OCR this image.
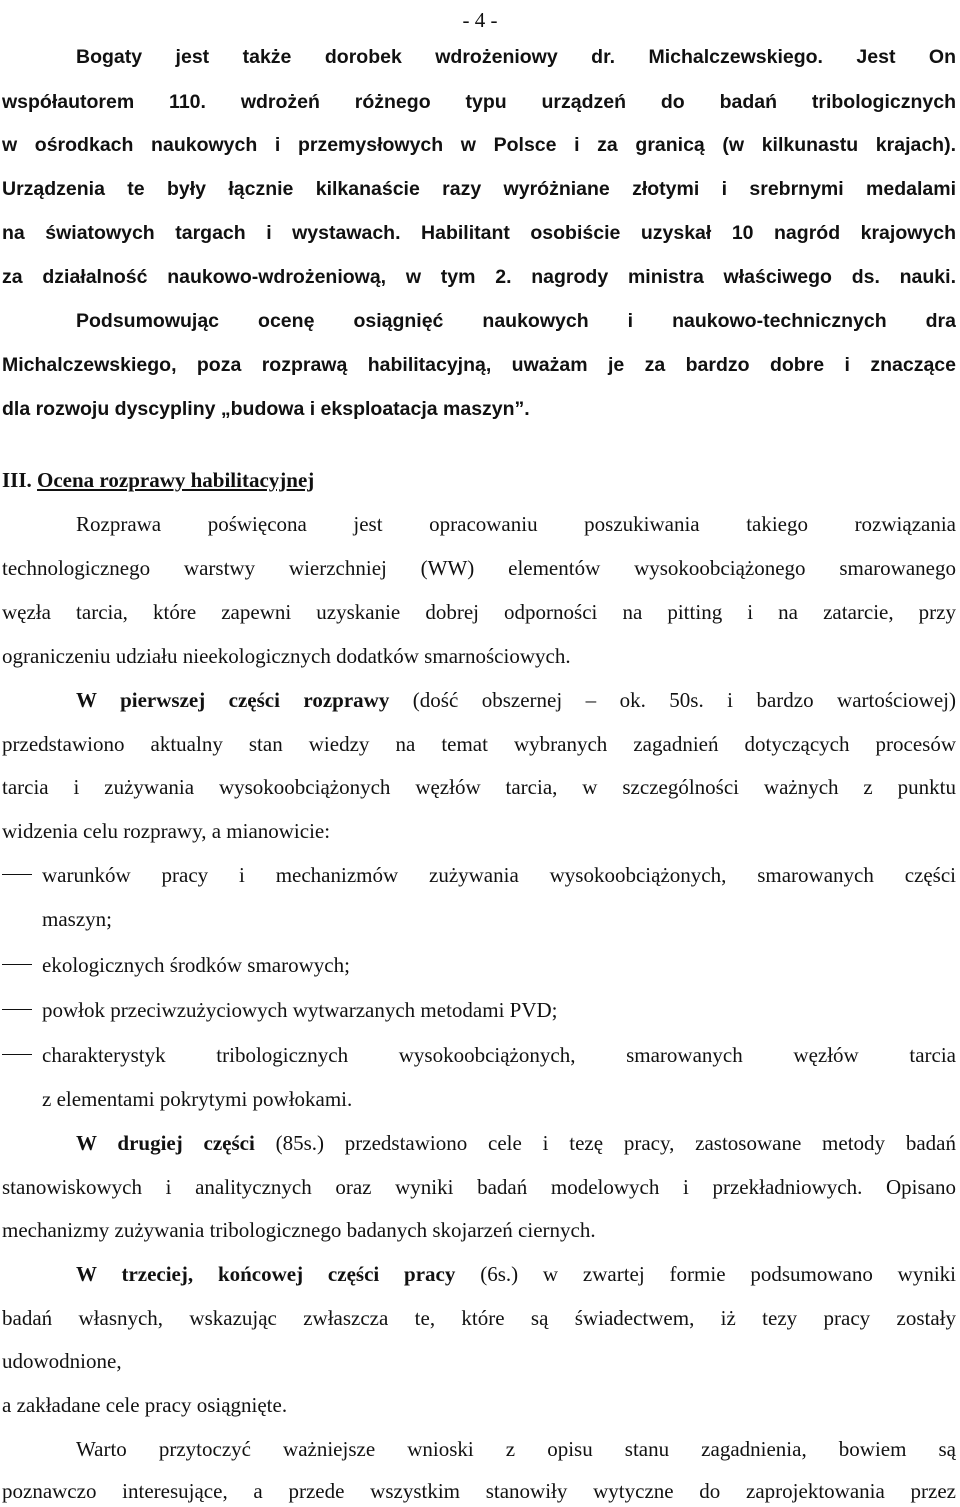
- 4 -
Bogaty jest także dorobek wdrożeniowy dr. Michalczewskiego. Jest On
współautorem 110. wdrożeń różnego typu urządzeń do badań tribologicznych
w ośrodkach naukowych i przemysłowych w Polsce i za granicą (w kilkunastu krajach).
Urządzenia te były łącznie kilkanaście razy wyróżniane złotymi i srebrnymi medalami
na światowych targach i wystawach. Habilitant osobiście uzyskał 10 nagród krajowych
za działalność naukowo-wdrożeniową, w tym 2. nagrody ministra właściwego ds. nauki.
Podsumowując ocenę osiągnięć naukowych i naukowo-technicznych dra
Michalczewskiego, poza rozprawą habilitacyjną, uważam je za bardzo dobre i znaczące
dla rozwoju dyscypliny „budowa i eksploatacja maszyn”.
III. Ocena rozprawy habilitacyjnej
Rozprawa poświęcona jest opracowaniu poszukiwania takiego rozwiązania
technologicznego warstwy wierzchniej (WW) elementów wysokoobciążonego smarowanego
węzła tarcia, które zapewni uzyskanie dobrej odporności na pitting i na zatarcie, przy
ograniczeniu udziału nieekologicznych dodatków smarnościowych.
W pierwszej części rozprawy (dość obszernej – ok. 50s. i bardzo wartościowej)
przedstawiono aktualny stan wiedzy na temat wybranych zagadnień dotyczących procesów
tarcia i zużywania wysokoobciążonych węzłów tarcia, w szczególności ważnych z punktu
widzenia celu rozprawy, a mianowicie:
warunków pracy i mechanizmów zużywania wysokoobciążonych, smarowanych części
maszyn;
ekologicznych środków smarowych;
powłok przeciwzużyciowych wytwarzanych metodami PVD;
charakterystyk tribologicznych wysokoobciążonych, smarowanych węzłów tarcia
z elementami pokrytymi powłokami.
W drugiej części (85s.) przedstawiono cele i tezę pracy, zastosowane metody badań
stanowiskowych i analitycznych oraz wyniki badań modelowych i przekładniowych. Opisano
mechanizmy zużywania tribologicznego badanych skojarzeń ciernych.
W trzeciej, końcowej części pracy (6s.) w zwartej formie podsumowano wyniki
badań własnych, wskazując zwłaszcza te, które są świadectwem, iż tezy pracy zostały
udowodnione,
a zakładane cele pracy osiągnięte.
Warto przytoczyć ważniejsze wnioski z opisu stanu zagadnienia, bowiem są
poznawczo interesujące, a przede wszystkim stanowiły wytyczne do zaprojektowania przez
